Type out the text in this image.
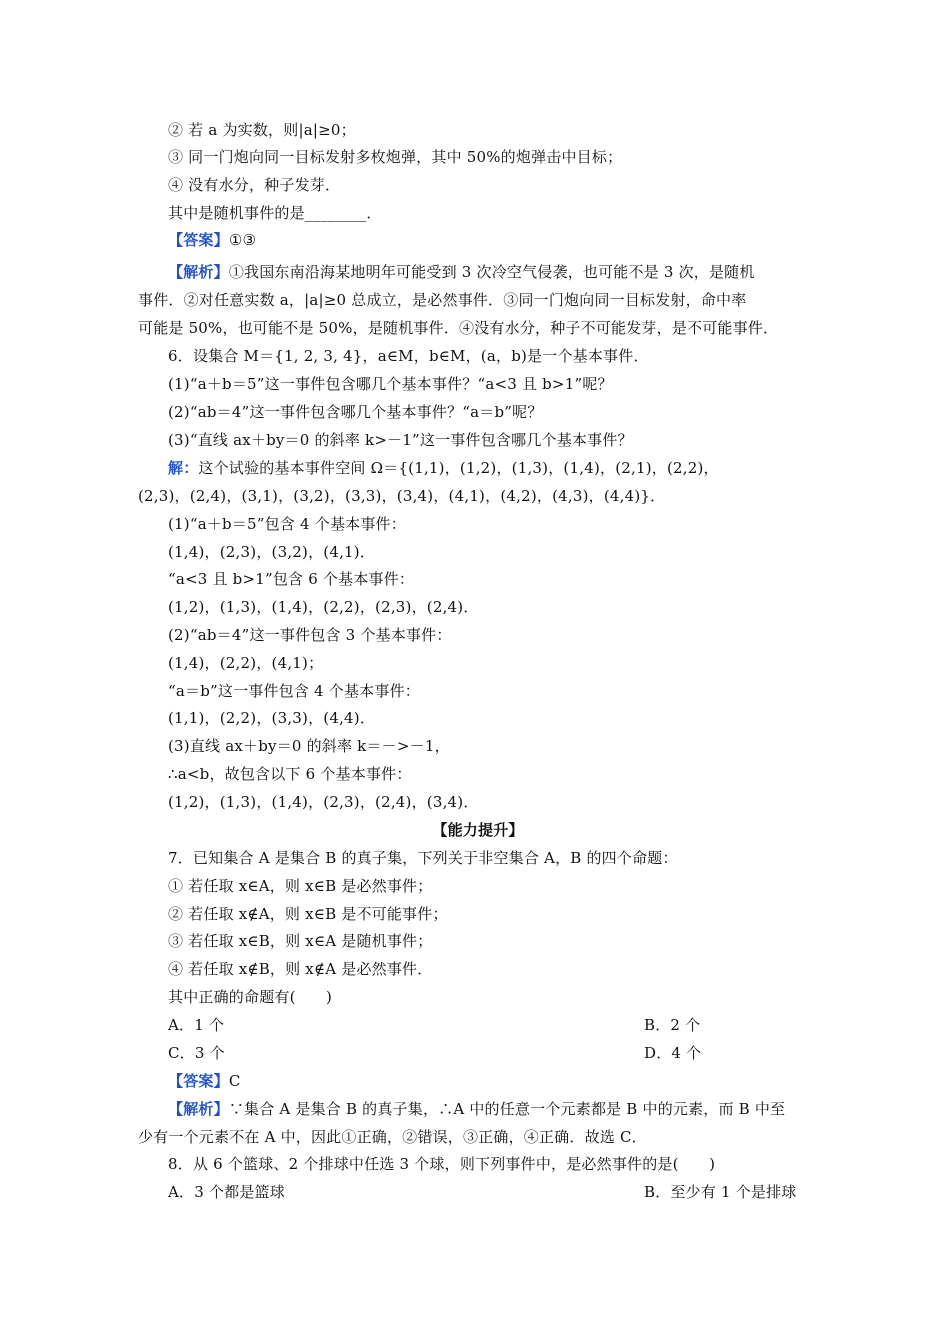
② 若 a 为实数，则|a|≥0；
③ 同一门炮向同一目标发射多枚炮弹，其中 50%的炮弹击中目标；
④ 没有水分，种子发芽．
其中是随机事件的是________．
【答案】①③
【解析】①我国东南沿海某地明年可能受到 3 次冷空气侵袭，也可能不是 3 次，是随机
事件．②对任意实数 a，|a|≥0 总成立，是必然事件．③同一门炮向同一目标发射，命中率
可能是 50%，也可能不是 50%，是随机事件．④没有水分，种子不可能发芽，是不可能事件．
6．设集合 M＝{1, 2, 3, 4}，a∈M，b∈M，(a，b)是一个基本事件．
(1)“a＋b＝5”这一事件包含哪几个基本事件？“a<3 且 b>1”呢？
(2)“ab＝4”这一事件包含哪几个基本事件？“a＝b”呢？
(3)“直线 ax＋by＝0 的斜率 k>－1”这一事件包含哪几个基本事件？
解：这个试验的基本事件空间 Ω＝{(1,1)，(1,2)，(1,3)，(1,4)，(2,1)，(2,2)，
(2,3)，(2,4)，(3,1)，(3,2)，(3,3)，(3,4)，(4,1)，(4,2)，(4,3)，(4,4)}．
(1)“a＋b＝5”包含 4 个基本事件：
(1,4)，(2,3)，(3,2)，(4,1)．
“a<3 且 b>1”包含 6 个基本事件：
(1,2)，(1,3)，(1,4)，(2,2)，(2,3)，(2,4)．
(2)“ab＝4”这一事件包含 3 个基本事件：
(1,4)，(2,2)，(4,1)；
“a＝b”这一事件包含 4 个基本事件：
(1,1)，(2,2)，(3,3)，(4,4)．
(3)直线 ax＋by＝0 的斜率 k＝－>－1，
∴a<b，故包含以下 6 个基本事件：
(1,2)，(1,3)，(1,4)，(2,3)，(2,4)，(3,4)．
【能力提升】
7．已知集合 A 是集合 B 的真子集，下列关于非空集合 A，B 的四个命题：
① 若任取 x∈A，则 x∈B 是必然事件；
② 若任取 x∉A，则 x∈B 是不可能事件；
③ 若任取 x∈B，则 x∈A 是随机事件；
④ 若任取 x∉B，则 x∉A 是必然事件．
其中正确的命题有(　　)
A．1 个	B．2 个
C．3 个	D．4 个
【答案】C
【解析】∵集合 A 是集合 B 的真子集，∴A 中的任意一个元素都是 B 中的元素，而 B 中至
少有一个元素不在 A 中，因此①正确，②错误，③正确，④正确．故选 C．
8．从 6 个篮球、2 个排球中任选 3 个球，则下列事件中，是必然事件的是(　　)
A．3 个都是篮球	B．至少有 1 个是排球
